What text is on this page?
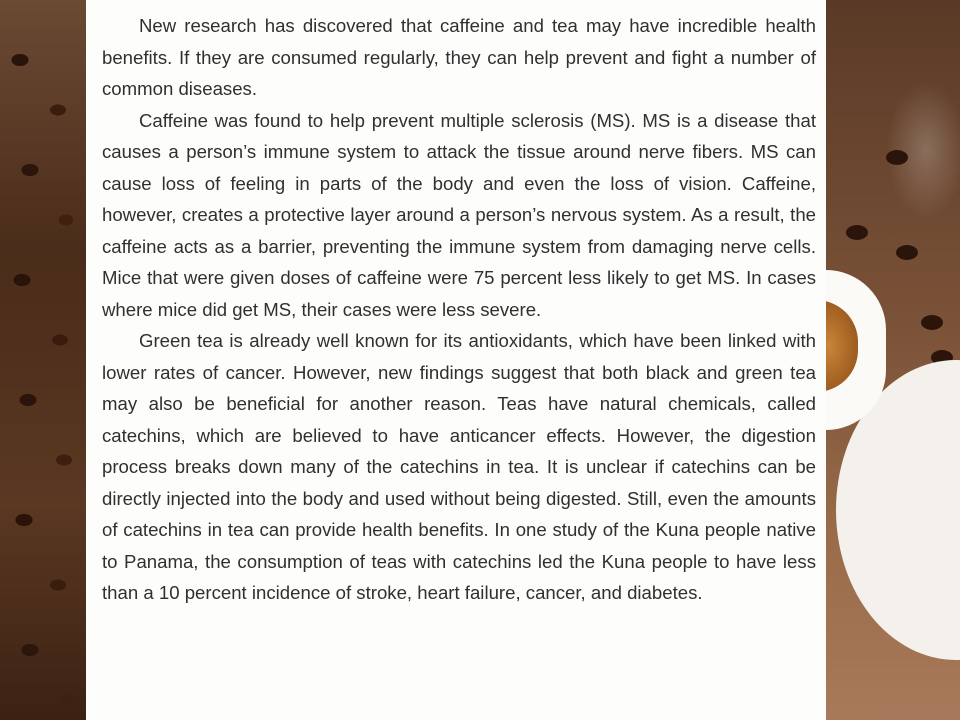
New research has discovered that caffeine and tea may have incredible health benefits. If they are consumed regularly, they can help prevent and fight a number of common diseases.

Caffeine was found to help prevent multiple sclerosis (MS). MS is a disease that causes a person’s immune system to attack the tissue around nerve fibers. MS can cause loss of feeling in parts of the body and even the loss of vision. Caffeine, however, creates a protective layer around a person’s nervous system. As a result, the caffeine acts as a barrier, preventing the immune system from damaging nerve cells. Mice that were given doses of caffeine were 75 percent less likely to get MS. In cases where mice did get MS, their cases were less severe.

Green tea is already well known for its antioxidants, which have been linked with lower rates of cancer. However, new findings suggest that both black and green tea may also be beneficial for another reason. Teas have natural chemicals, called catechins, which are believed to have anticancer effects. However, the digestion process breaks down many of the catechins in tea. It is unclear if catechins can be directly injected into the body and used without being digested. Still, even the amounts of catechins in tea can provide health benefits. In one study of the Kuna people native to Panama, the consumption of teas with catechins led the Kuna people to have less than a 10 percent incidence of stroke, heart failure, cancer, and diabetes.
